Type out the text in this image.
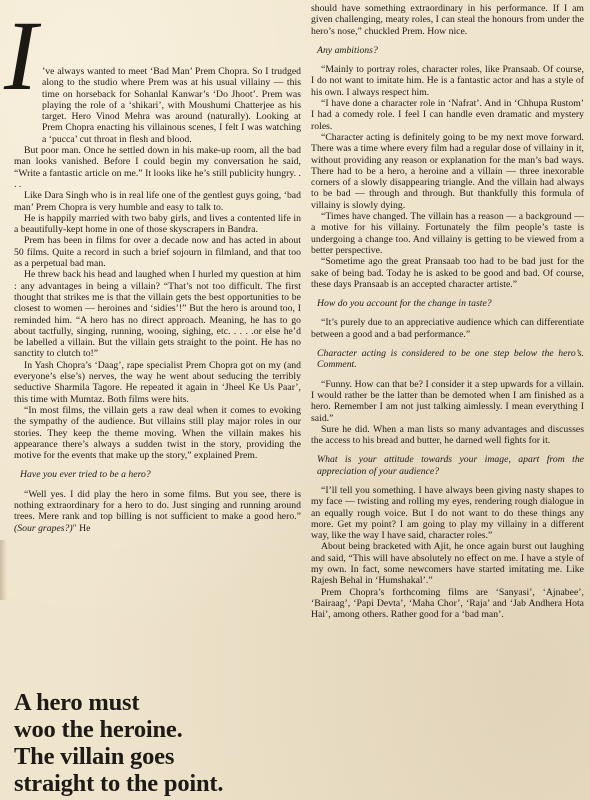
I ’ve always wanted to meet ‘Bad Man’ Prem Chopra. So I trudged along to the studio where Prem was at his usual villainy — this time on horseback for Sohanlal Kanwar’s ‘Do Jhoot’. Prem was playing the role of a ‘shikari’, with Moushumi Chatterjee as his target. Hero Vinod Mehra was around (naturally). Looking at Prem Chopra enacting his villainous scenes, I felt I was watching a ‘pucca’ cut throat in flesh and blood.

But poor man. Once he settled down in his make-up room, all the bad man looks vanished. Before I could begin my conversation he said, “Write a fantastic article on me.” It looks like he’s still publicity hungry. . . .

Like Dara Singh who is in real life one of the gentlest guys going, ‘bad man’ Prem Chopra is very humble and easy to talk to.

He is happily married with two baby girls, and lives a contented life in a beautifully-kept home in one of those skyscrapers in Bandra.

Prem has been in films for over a decade now and has acted in about 50 films. Quite a record in such a brief sojourn in filmland, and that too as a perpetual bad man.

He threw back his head and laughed when I hurled my question at him : any advantages in being a villain? “That’s not too difficult. The first thought that strikes me is that the villain gets the best opportunities to be closest to women — heroines and ‘sidies’!” But the hero is around too, I reminded him. “A hero has no direct approach. Meaning, he has to go about tactfully, singing, running, wooing, sighing, etc. . . . .or else he’d be labelled a villain. But the villain gets straight to the point. He has no sanctity to clutch to!”

In Yash Chopra’s ‘Daag’, rape specialist Prem Chopra got on my (and everyone’s else’s) nerves, the way he went about seducing the terribly seductive Sharmila Tagore. He repeated it again in ‘Jheel Ke Us Paar’, this time with Mumtaz. Both films were hits.

“In most films, the villain gets a raw deal when it comes to evoking the sympathy of the audience. But villains still play major roles in our stories. They keep the theme moving. When the villain makes his appearance there’s always a sudden twist in the story, providing the motive for the events that make up the story,” explained Prem.

Have you ever tried to be a hero?

“Well yes. I did play the hero in some films. But you see, there is nothing extraordinary for a hero to do. Just singing and running around trees. Mere rank and top billing is not sufficient to make a good hero.” (Sour grapes?)" He

A hero must
woo the heroine.
The villain goes
straight to the point.

should have something extraordinary in his performance. If I am given challenging, meaty roles, I can steal the honours from under the hero’s nose,” chuckled Prem. How nice.

Any ambitions?

“Mainly to portray roles, character roles, like Pransaab. Of course, I do not want to imitate him. He is a fantastic actor and has a style of his own. I always respect him.

“I have done a character role in ‘Nafrat’. And in ‘Chhupa Rustom’ I had a comedy role. I feel I can handle even dramatic and mystery roles.

“Character acting is definitely going to be my next move forward. There was a time where every film had a regular dose of villainy in it, without providing any reason or explanation for the man’s bad ways. There had to be a hero, a heroine and a villain — three inexorable corners of a slowly disappearing triangle. And the villain had always to be bad — through and through. But thankfully this formula of villainy is slowly dying.

“Times have changed. The villain has a reason — a background — a motive for his villainy. Fortunately the film people’s taste is undergoing a change too. And villainy is getting to be viewed from a better perspective.

“Sometime ago the great Pransaab too had to be bad just for the sake of being bad. Today he is asked to be good and bad. Of course, these days Pransaab is an accepted character artiste.”

How do you account for the change in taste?

“It’s purely due to an appreciative audience which can differentiate between a good and a bad performance.”

Character acting is considered to be one step below the hero’s. Comment.

“Funny. How can that be? I consider it a step upwards for a villain. I would rather be the latter than be demoted when I am finished as a hero. Remember I am not just talking aimlessly. I mean everything I said.”

Sure he did. When a man lists so many advantages and discusses the access to his bread and butter, he darned well fights for it.

What is your attitude towards your image, apart from the appreciation of your audience?

“I’ll tell you something. I have always been giving nasty shapes to my face — twisting and rolling my eyes, rendering rough dialogue in an equally rough voice. But I do not want to do these things any more. Get my point? I am going to play my villainy in a different way, like the way I have said, character roles.”

About being bracketed with Ajit, he once again burst out laughing and said, “This will have absolutely no effect on me. I have a style of my own. In fact, some newcomers have started imitating me. Like Rajesh Behal in ‘Humshakal’.”

Prem Chopra’s forthcoming films are ‘Sanyasi’, ‘Ajnabee’, ‘Bairaag’, ‘Papi Devta’, ‘Maha Chor’, ‘Raja’ and ‘Jab Andhera Hota Hai’, among others. Rather good for a ‘bad man’.
